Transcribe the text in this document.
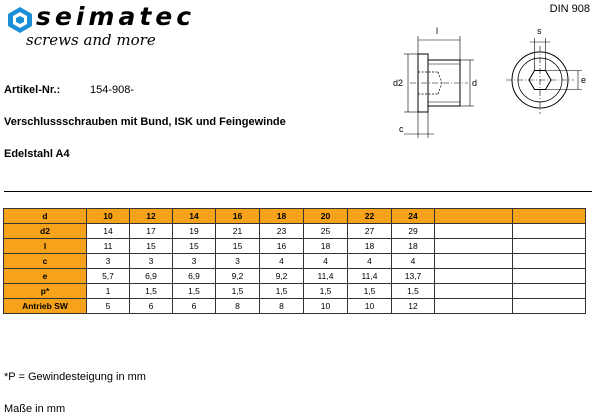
seimatec
screws and more
DIN 908
Artikel-Nr.:	154-908-
Verschlussschrauben mit Bund, ISK und Feingewinde
Edelstahl A4
l
d2	d
c
s
e
d	10	12	14	16	18	20	22	24		
d2	14	17	19	21	23	25	27	29		
l	11	15	15	15	16	18	18	18		
c	3	3	3	3	4	4	4	4		
e	5,7	6,9	6,9	9,2	9,2	11,4	11,4	13,7		
p*	1	1,5	1,5	1,5	1,5	1,5	1,5	1,5		
Antrieb SW	5	6	6	8	8	10	10	12		
*P = Gewindesteigung in mm
Maße in mm
